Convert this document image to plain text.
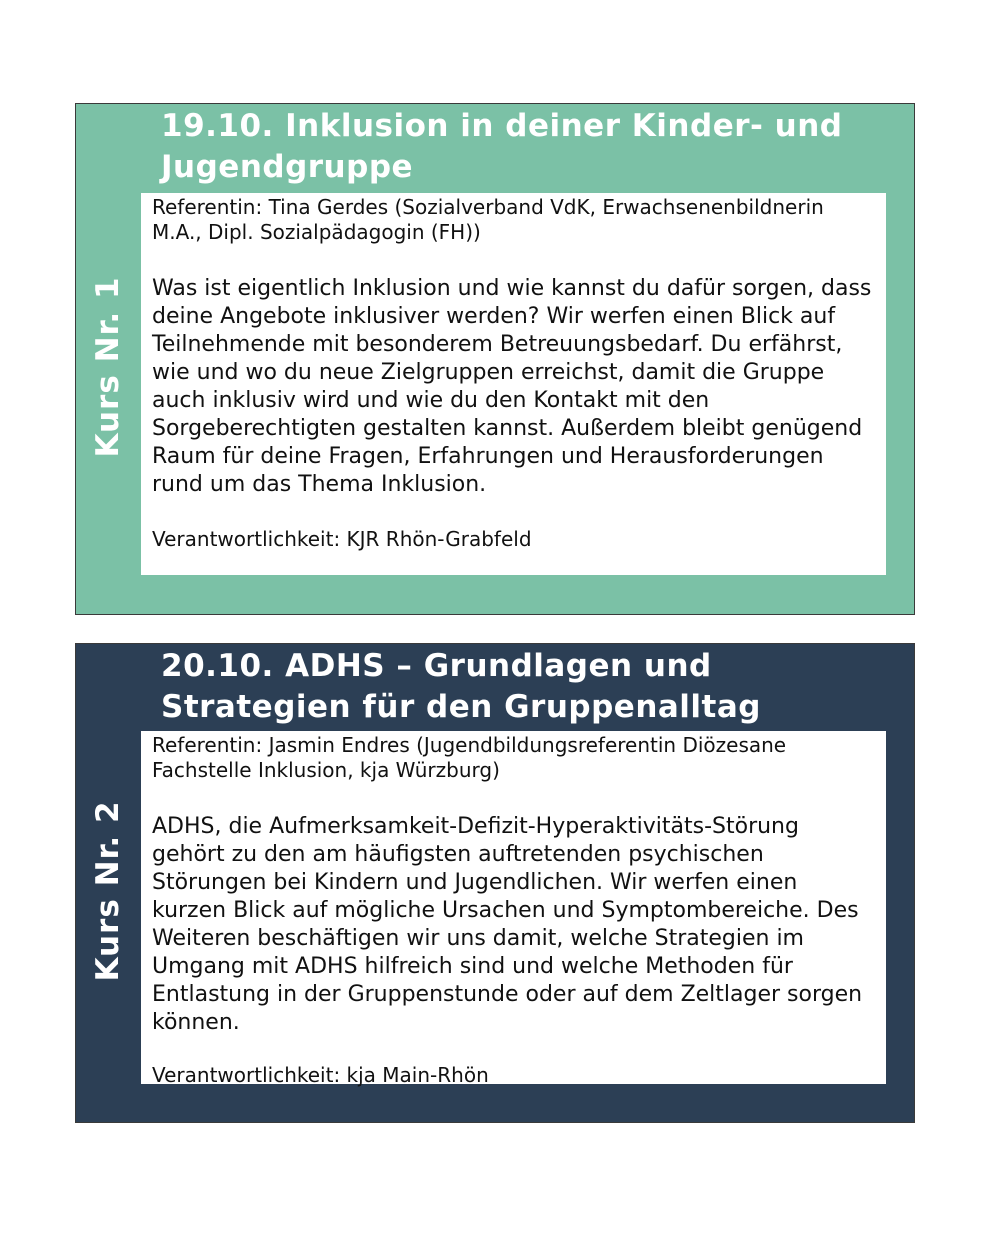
Kurs Nr. 1
19.10. Inklusion in deiner Kinder- und Jugendgruppe

Referentin: Tina Gerdes (Sozialverband VdK, Erwachsenenbildnerin M.A., Dipl. Sozialpädagogin (FH))

Was ist eigentlich Inklusion und wie kannst du dafür sorgen, dass deine Angebote inklusiver werden? Wir werfen einen Blick auf Teilnehmende mit besonderem Betreuungsbedarf. Du erfährst, wie und wo du neue Zielgruppen erreichst, damit die Gruppe auch inklusiv wird und wie du den Kontakt mit den Sorgeberechtigten gestalten kannst. Außerdem bleibt genügend Raum für deine Fragen, Erfahrungen und Herausforderungen rund um das Thema Inklusion.

Verantwortlichkeit: KJR Rhön-Grabfeld

Kurs Nr. 2
20.10. ADHS – Grundlagen und Strategien für den Gruppenalltag

Referentin: Jasmin Endres (Jugendbildungsreferentin Diözesane Fachstelle Inklusion, kja Würzburg)

ADHS, die Aufmerksamkeit-Defizit-Hyperaktivitäts-Störung gehört zu den am häufigsten auftretenden psychischen Störungen bei Kindern und Jugendlichen. Wir werfen einen kurzen Blick auf mögliche Ursachen und Symptombereiche. Des Weiteren beschäftigen wir uns damit, welche Strategien im Umgang mit ADHS hilfreich sind und welche Methoden für Entlastung in der Gruppenstunde oder auf dem Zeltlager sorgen können.

Verantwortlichkeit: kja Main-Rhön
